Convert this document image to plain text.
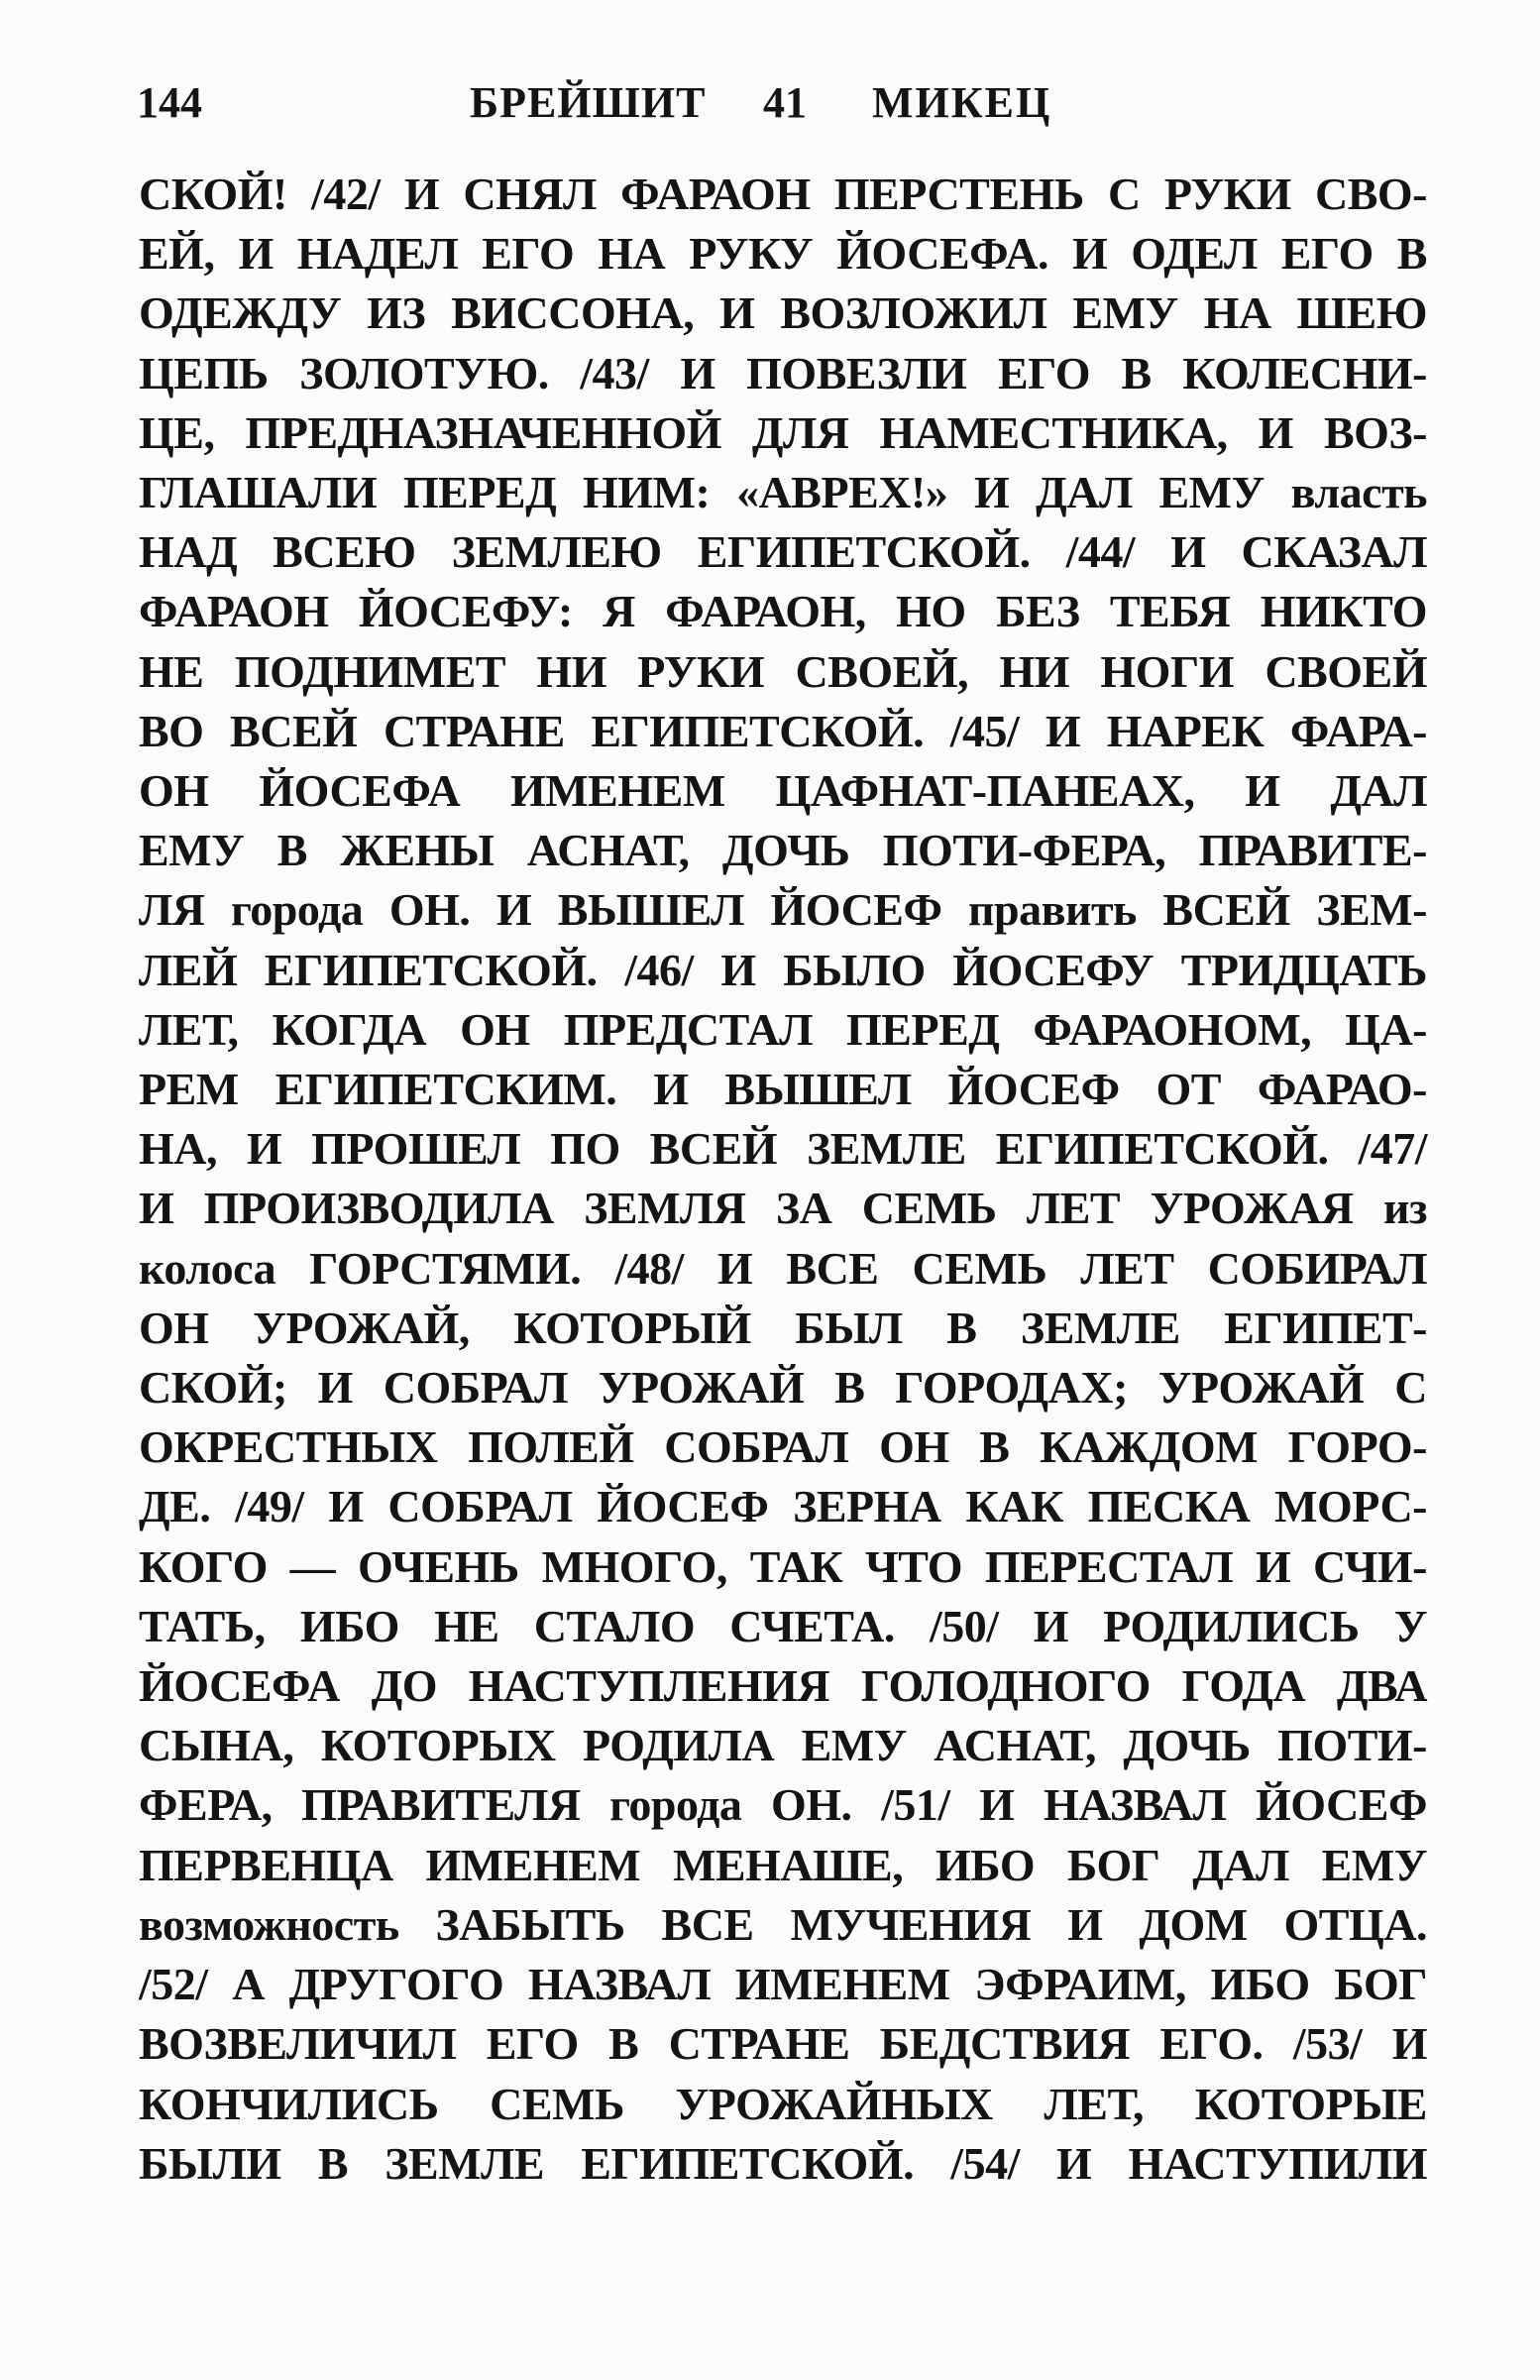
144	БРЕЙШИТ 41 МИКЕЦ
СКОЙ! /42/ И СНЯЛ ФАРАОН ПЕРСТЕНЬ С РУКИ СВО-
ЕЙ, И НАДЕЛ ЕГО НА РУКУ ЙОСЕФА. И ОДЕЛ ЕГО В
ОДЕЖДУ ИЗ ВИССОНА, И ВОЗЛОЖИЛ ЕМУ НА ШЕЮ
ЦЕПЬ ЗОЛОТУЮ. /43/ И ПОВЕЗЛИ ЕГО В КОЛЕСНИ-
ЦЕ, ПРЕДНАЗНАЧЕННОЙ ДЛЯ НАМЕСТНИКА, И ВОЗ-
ГЛАШАЛИ ПЕРЕД НИМ: «АВРЕХ!» И ДАЛ ЕМУ власть
НАД ВСЕЮ ЗЕМЛЕЮ ЕГИПЕТСКОЙ. /44/ И СКАЗАЛ
ФАРАОН ЙОСЕФУ: Я ФАРАОН, НО БЕЗ ТЕБЯ НИКТО
НЕ ПОДНИМЕТ НИ РУКИ СВОЕЙ, НИ НОГИ СВОЕЙ
ВО ВСЕЙ СТРАНЕ ЕГИПЕТСКОЙ. /45/ И НАРЕК ФАРА-
ОН ЙОСЕФА ИМЕНЕМ ЦАФНАТ-ПАНЕАХ, И ДАЛ
ЕМУ В ЖЕНЫ АСНАТ, ДОЧЬ ПОТИ-ФЕРА, ПРАВИТЕ-
ЛЯ города ОН. И ВЫШЕЛ ЙОСЕФ править ВСЕЙ ЗЕМ-
ЛЕЙ ЕГИПЕТСКОЙ. /46/ И БЫЛО ЙОСЕФУ ТРИДЦАТЬ
ЛЕТ, КОГДА ОН ПРЕДСТАЛ ПЕРЕД ФАРАОНОМ, ЦА-
РЕМ ЕГИПЕТСКИМ. И ВЫШЕЛ ЙОСЕФ ОТ ФАРАО-
НА, И ПРОШЕЛ ПО ВСЕЙ ЗЕМЛЕ ЕГИПЕТСКОЙ. /47/
И ПРОИЗВОДИЛА ЗЕМЛЯ ЗА СЕМЬ ЛЕТ УРОЖАЯ из
колоса ГОРСТЯМИ. /48/ И ВСЕ СЕМЬ ЛЕТ СОБИРАЛ
ОН УРОЖАЙ, КОТОРЫЙ БЫЛ В ЗЕМЛЕ ЕГИПЕТ-
СКОЙ; И СОБРАЛ УРОЖАЙ В ГОРОДАХ; УРОЖАЙ С
ОКРЕСТНЫХ ПОЛЕЙ СОБРАЛ ОН В КАЖДОМ ГОРО-
ДЕ. /49/ И СОБРАЛ ЙОСЕФ ЗЕРНА КАК ПЕСКА МОРС-
КОГО — ОЧЕНЬ МНОГО, ТАК ЧТО ПЕРЕСТАЛ И СЧИ-
ТАТЬ, ИБО НЕ СТАЛО СЧЕТА. /50/ И РОДИЛИСЬ У
ЙОСЕФА ДО НАСТУПЛЕНИЯ ГОЛОДНОГО ГОДА ДВА
СЫНА, КОТОРЫХ РОДИЛА ЕМУ АСНАТ, ДОЧЬ ПОТИ-
ФЕРА, ПРАВИТЕЛЯ города ОН. /51/ И НАЗВАЛ ЙОСЕФ
ПЕРВЕНЦА ИМЕНЕМ МЕНАШЕ, ИБО БОГ ДАЛ ЕМУ
возможность ЗАБЫТЬ ВСЕ МУЧЕНИЯ И ДОМ ОТЦА.
/52/ А ДРУГОГО НАЗВАЛ ИМЕНЕМ ЭФРАИМ, ИБО БОГ
ВОЗВЕЛИЧИЛ ЕГО В СТРАНЕ БЕДСТВИЯ ЕГО. /53/ И
КОНЧИЛИСЬ СЕМЬ УРОЖАЙНЫХ ЛЕТ, КОТОРЫЕ
БЫЛИ В ЗЕМЛЕ ЕГИПЕТСКОЙ. /54/ И НАСТУПИЛИ
